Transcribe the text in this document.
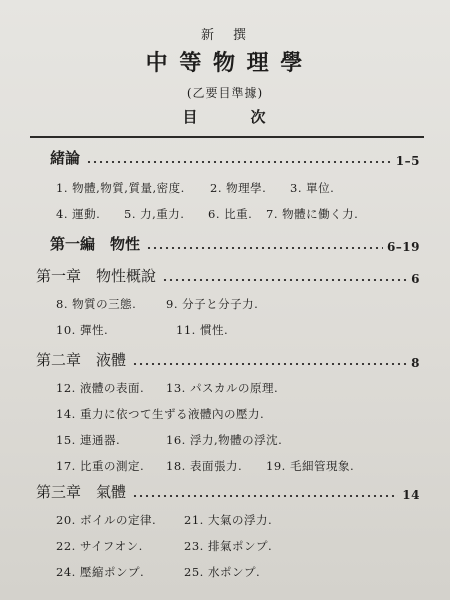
新　撰
中 等 物 理 學
(乙要目準據)
目　　　次
緒論	1–5
1. 物體,物質,質量,密度. 2. 物理學. 3. 單位.
4. 運動. 5. 力,重力. 6. 比重. 7. 物體に働く力.
第一編　物性	6–19
第一章　物性概說	6
8. 物質の三態.	9. 分子と分子力.
10. 彈性.	11. 慣性.
第二章　液體	8
12. 液體の表面. 13. パスカルの原理.
14. 重力に依つて生ずる液體內の壓力.
15. 連通器.	16. 浮力,物體の浮沈.
17. 比重の測定. 18. 表面張力. 19. 毛細管現象.
第三章　氣體	14
20. ボイルの定律. 21. 大氣の浮力.
22. サイフオン.	23. 排氣ポンプ.
24. 壓縮ポンプ.	25. 水ポンプ.
